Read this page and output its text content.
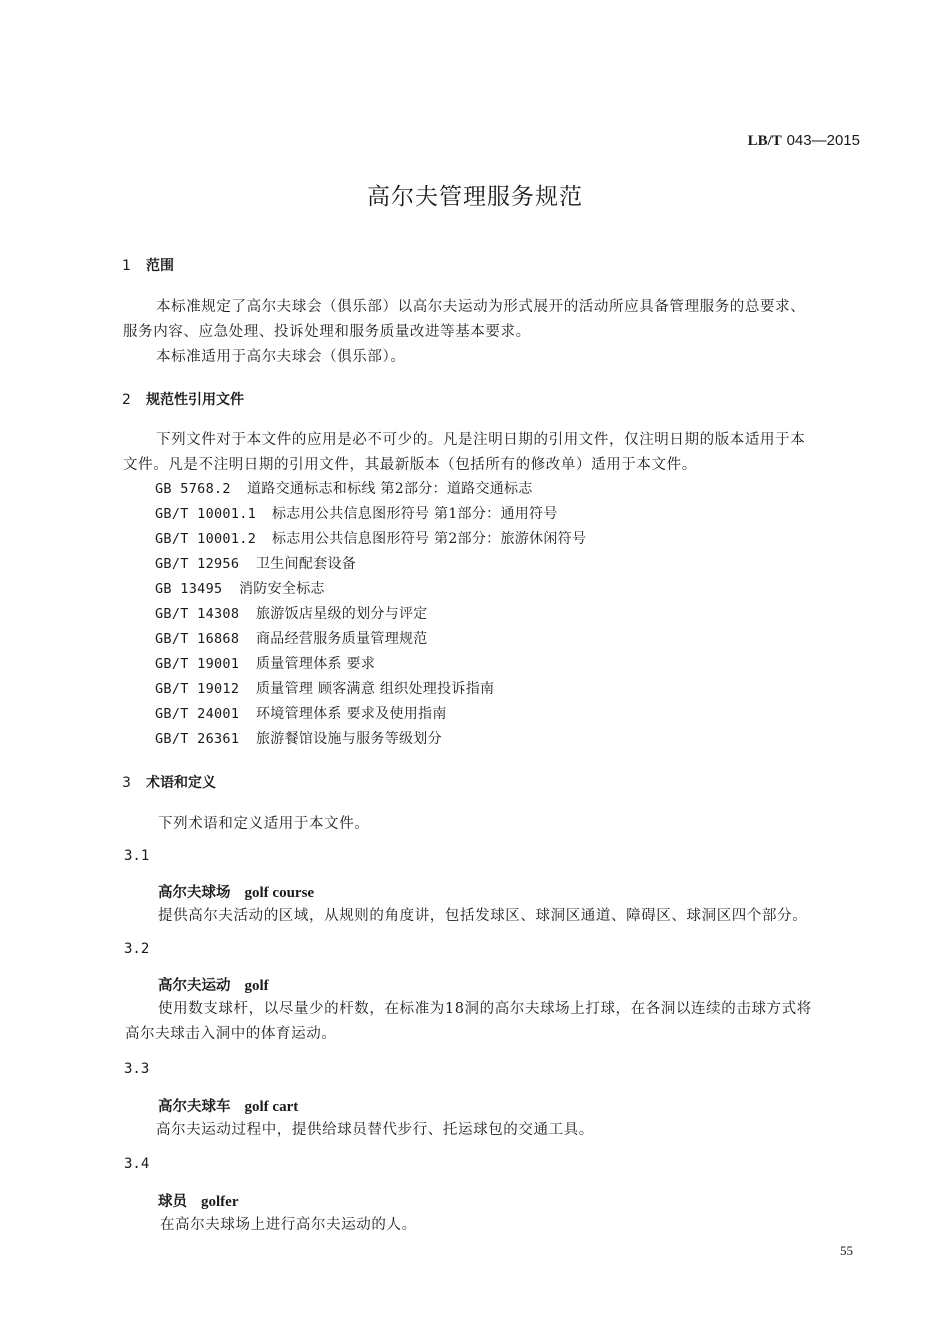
LB/T 043—2015
高尔夫管理服务规范
1 范围
本标准规定了高尔夫球会（俱乐部）以高尔夫运动为形式展开的活动所应具备管理服务的总要求、
服务内容、应急处理、投诉处理和服务质量改进等基本要求。
本标准适用于高尔夫球会（俱乐部）。
2 规范性引用文件
下列文件对于本文件的应用是必不可少的。凡是注明日期的引用文件，仅注明日期的版本适用于本
文件。凡是不注明日期的引用文件，其最新版本（包括所有的修改单）适用于本文件。
GB 5768.2 道路交通标志和标线 第2部分：道路交通标志
GB/T 10001.1 标志用公共信息图形符号 第1部分：通用符号
GB/T 10001.2 标志用公共信息图形符号 第2部分：旅游休闲符号
GB/T 12956 卫生间配套设备
GB 13495 消防安全标志
GB/T 14308 旅游饭店星级的划分与评定
GB/T 16868 商品经营服务质量管理规范
GB/T 19001 质量管理体系 要求
GB/T 19012 质量管理 顾客满意 组织处理投诉指南
GB/T 24001 环境管理体系 要求及使用指南
GB/T 26361 旅游餐馆设施与服务等级划分
3 术语和定义
下列术语和定义适用于本文件。
3.1
高尔夫球场 golf course
提供高尔夫活动的区域，从规则的角度讲，包括发球区、球洞区通道、障碍区、球洞区四个部分。
3.2
高尔夫运动 golf
使用数支球杆，以尽量少的杆数，在标准为18洞的高尔夫球场上打球，在各洞以连续的击球方式将
高尔夫球击入洞中的体育运动。
3.3
高尔夫球车 golf cart
高尔夫运动过程中，提供给球员替代步行、托运球包的交通工具。
3.4
球员 golfer
在高尔夫球场上进行高尔夫运动的人。
55
